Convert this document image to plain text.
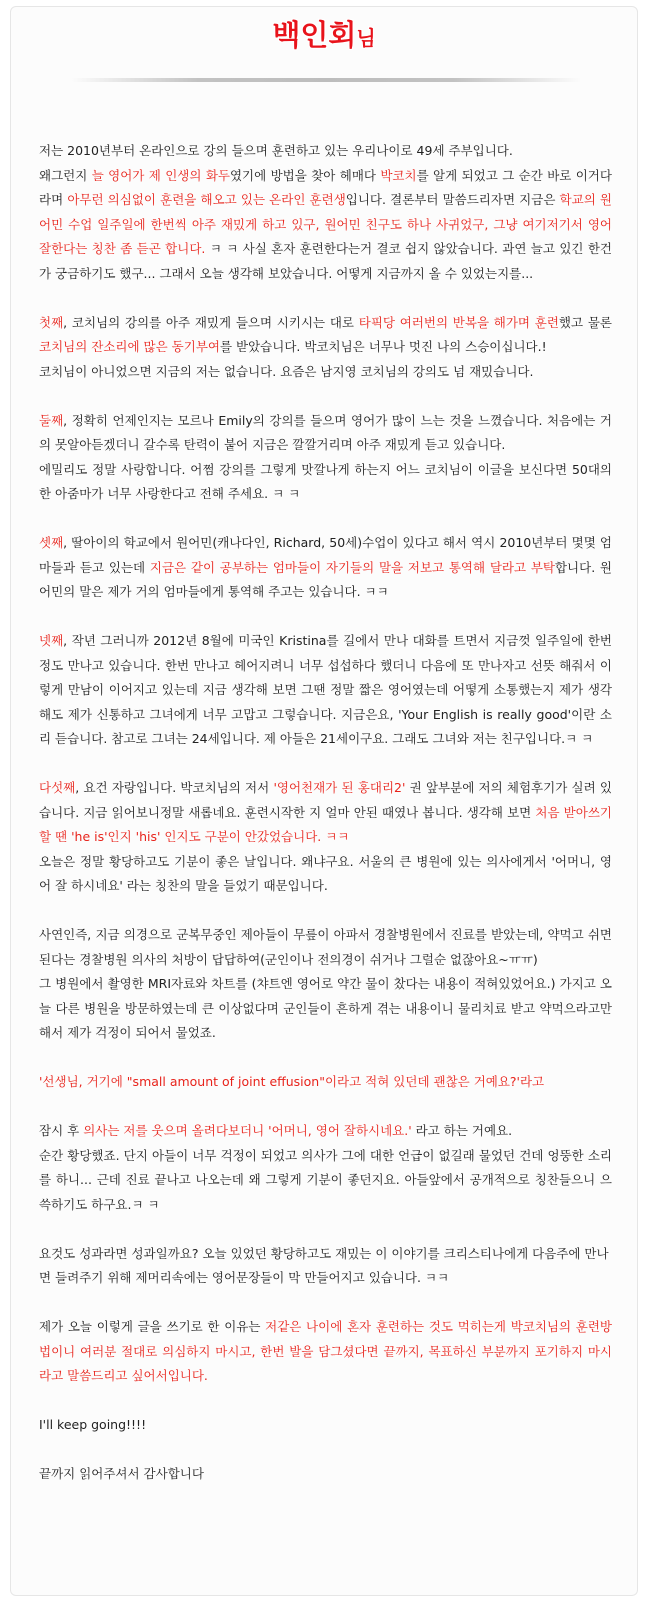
백인회님

저는 2010년부터 온라인으로 강의 들으며 훈련하고 있는 우리나이로 49세 주부입니다.
왜그런지 늘 영어가 제 인생의 화두였기에 방법을 찾아 헤매다 박코치를 알게 되었고 그 순간 바로 이거다라며 아무런 의심없이 훈련을 해오고 있는 온라인 훈련생입니다. 결론부터 말씀드리자면 지금은 학교의 원어민 수업 일주일에 한번씩 아주 재밌게 하고 있구, 원어민 친구도 하나 사귀었구, 그냥 여기저기서 영어 잘한다는 칭찬 좀 듣곤 합니다. ㅋ ㅋ 사실 혼자 훈련한다는거 결코 쉽지 않았습니다. 과연 늘고 있긴 한건가 궁금하기도 했구... 그래서 오늘 생각해 보았습니다. 어떻게 지금까지 올 수 있었는지를...

첫째, 코치님의 강의를 아주 재밌게 들으며 시키시는 대로 타픽당 여러번의 반복을 해가며 훈련했고 물론 코치님의 잔소리에 많은 동기부여를 받았습니다. 박코치님은 너무나 멋진 나의 스승이십니다.!
코치님이 아니었으면 지금의 저는 없습니다. 요즘은 남지영 코치님의 강의도 넘 재밌습니다.

둘째, 정확히 언제인지는 모르나 Emily의 강의를 들으며 영어가 많이 느는 것을 느꼈습니다. 처음에는 거의 못알아듣겠더니 갈수록 탄력이 붙어 지금은 깔깔거리며 아주 재밌게 듣고 있습니다.
에밀리도 정말 사랑합니다. 어쩜 강의를 그렇게 맛깔나게 하는지 어느 코치님이 이글을 보신다면 50대의 한 아줌마가 너무 사랑한다고 전해 주세요. ㅋ ㅋ

셋째, 딸아이의 학교에서 원어민(캐나다인, Richard, 50세)수업이 있다고 해서 역시 2010년부터 몇몇 엄마들과 듣고 있는데 지금은 같이 공부하는 엄마들이 자기들의 말을 저보고 통역해 달라고 부탁합니다. 원어민의 말은 제가 거의 엄마들에게 통역해 주고는 있습니다. ㅋㅋ

넷째, 작년 그러니까 2012년 8월에 미국인 Kristina를 길에서 만나 대화를 트면서 지금껏 일주일에 한번정도 만나고 있습니다. 한번 만나고 헤어지려니 너무 섭섭하다 했더니 다음에 또 만나자고 선뜻 해줘서 이렇게 만남이 이어지고 있는데 지금 생각해 보면 그땐 정말 짧은 영어였는데 어떻게 소통했는지 제가 생각해도 제가 신통하고 그녀에게 너무 고맙고 그렇습니다. 지금은요, 'Your English is really good'이란 소리 듣습니다. 참고로 그녀는 24세입니다. 제 아들은 21세이구요. 그래도 그녀와 저는 친구입니다.ㅋ ㅋ

다섯째, 요건 자랑입니다. 박코치님의 저서 '영어천재가 된 홍대리2' 권 앞부분에 저의 체험후기가 실려 있습니다. 지금 읽어보니정말 새롭네요. 훈련시작한 지 얼마 안된 때였나 봅니다. 생각해 보면 처음 받아쓰기할 땐 'he is'인지 'his' 인지도 구분이 안갔었습니다. ㅋㅋ
오늘은 정말 황당하고도 기분이 좋은 날입니다. 왜냐구요. 서울의 큰 병원에 있는 의사에게서 '어머니, 영어 잘 하시네요' 라는 칭찬의 말을 들었기 때문입니다.

사연인즉, 지금 의경으로 군복무중인 제아들이 무릎이 아파서 경찰병원에서 진료를 받았는데, 약먹고 쉬면 된다는 경찰병원 의사의 처방이 답답하여(군인이나 전의경이 쉬거나 그럴순 없잖아요~ㅠㅠ)
그 병원에서 촬영한 MRI자료와 차트를 (챠트엔 영어로 약간 물이 찼다는 내용이 적혀있었어요.) 가지고 오늘 다른 병원을 방문하였는데 큰 이상없다며 군인들이 흔하게 겪는 내용이니 물리치료 받고 약먹으라고만 해서 제가 걱정이 되어서 물었죠.

'선생님, 거기에 "small amount of joint effusion"이라고 적혀 있던데 괜찮은 거예요?'라고

잠시 후 의사는 저를 웃으며 올려다보더니 '어머니, 영어 잘하시네요.' 라고 하는 거예요.
순간 황당했죠. 단지 아들이 너무 걱정이 되었고 의사가 그에 대한 언급이 없길래 물었던 건데 엉뚱한 소리를 하니... 근데 진료 끝나고 나오는데 왜 그렇게 기분이 좋던지요. 아들앞에서 공개적으로 칭찬들으니 으쓱하기도 하구요.ㅋ ㅋ

요것도 성과라면 성과일까요? 오늘 있었던 황당하고도 재밌는 이 이야기를 크리스티나에게 다음주에 만나면 들려주기 위해 제머리속에는 영어문장들이 막 만들어지고 있습니다. ㅋㅋ

제가 오늘 이렇게 글을 쓰기로 한 이유는 저같은 나이에 혼자 훈련하는 것도 먹히는게 박코치님의 훈련방법이니 여러분 절대로 의심하지 마시고, 한번 발을 담그셨다면 끝까지, 목표하신 부분까지 포기하지 마시라고 말씀드리고 싶어서입니다.

I'll keep going!!!!

끝까지 읽어주셔서 감사합니다
